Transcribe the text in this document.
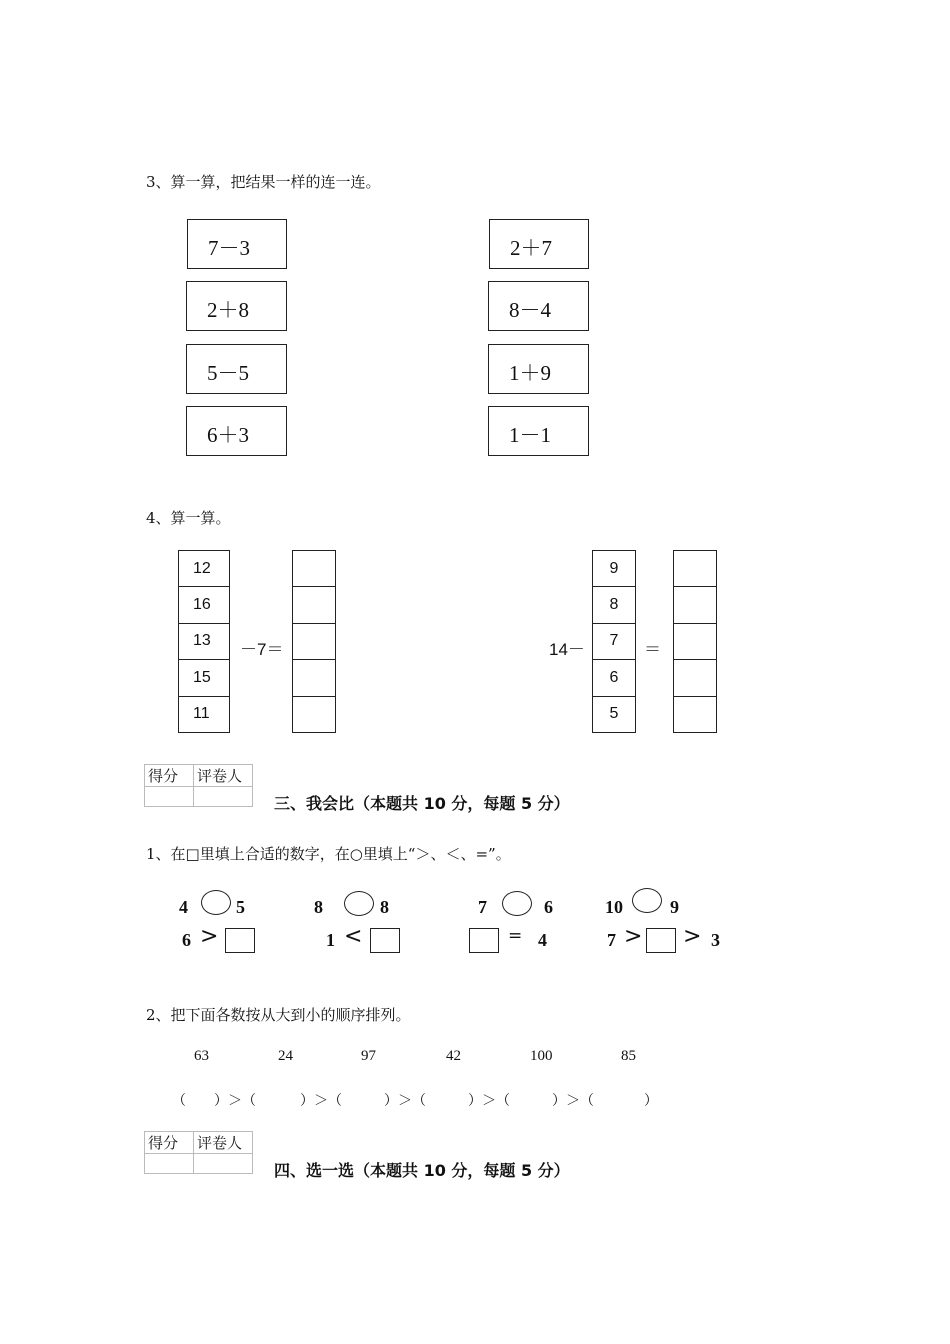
3、算一算，把结果一样的连一连。
7－3
2＋8
5－5
6＋3
2＋7
8－4
1＋9
1－1
4、算一算。
12
16
13
15
11
－7＝	14－
9
8
7
6
5
＝
得分	评卷人

三、我会比（本题共 10 分，每题 5 分）
1、在□里填上合适的数字，在○里填上“＞、＜、=”。
4	5	8	8	7	6	10	9
6 >	1 <	= 4	7 > > 3
2、把下面各数按从大到小的顺序排列。
63	24	97	42	100	85
（ ）＞（	）＞（	）＞（	）＞（	）＞（	）
得分	评卷人

四、选一选（本题共 10 分，每题 5 分）
